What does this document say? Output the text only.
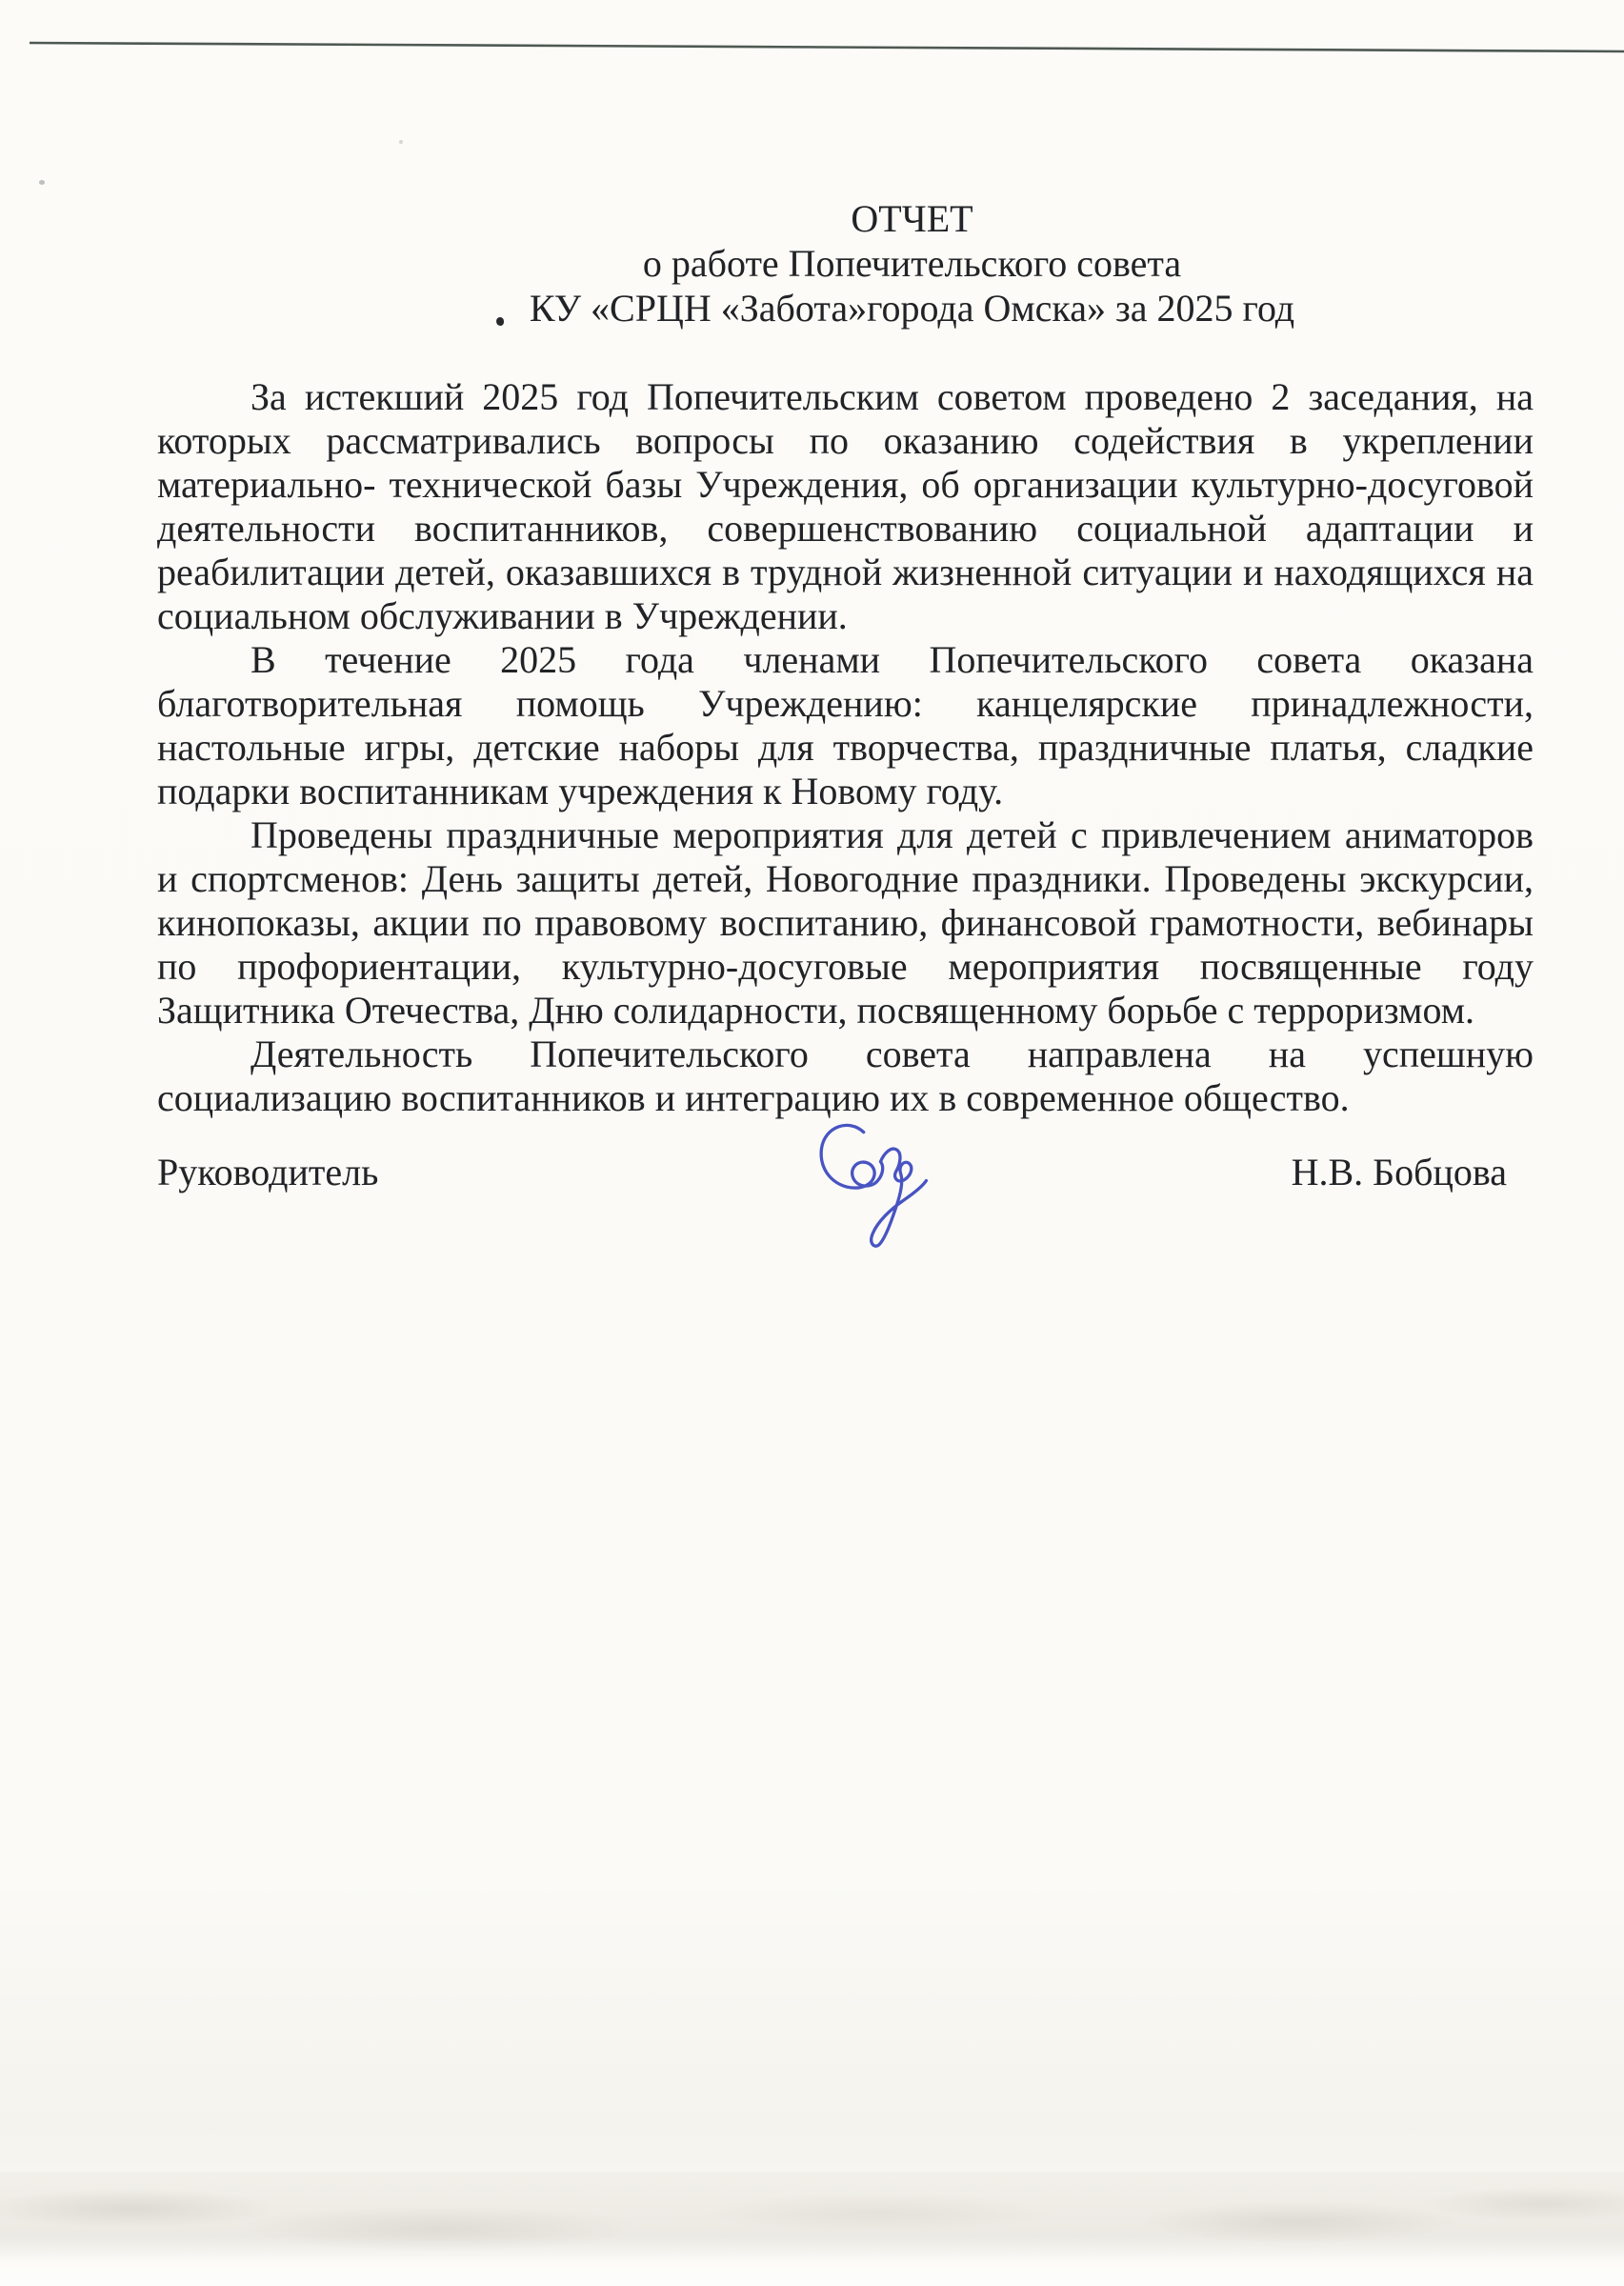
ОТЧЕТ
о работе Попечительского совета
КУ «СРЦН «Забота»города Омска» за 2025 год

За истекший 2025 год Попечительским советом проведено 2 заседания, на которых рассматривались вопросы по оказанию содействия в укреплении материально- технической базы Учреждения, об организации культурно-досуговой деятельности воспитанников, совершенствованию социальной адаптации и реабилитации детей, оказавшихся в трудной жизненной ситуации и находящихся на социальном обслуживании в Учреждении.

В течение 2025 года членами Попечительского совета оказана благотворительная помощь Учреждению: канцелярские принадлежности, настольные игры, детские наборы для творчества, праздничные платья, сладкие подарки воспитанникам учреждения к Новому году.

Проведены праздничные мероприятия для детей с привлечением аниматоров и спортсменов: День защиты детей, Новогодние праздники. Проведены экскурсии, кинопоказы, акции по правовому воспитанию, финансовой грамотности, вебинары по профориентации, культурно-досуговые мероприятия посвященные году Защитника Отечества, Дню солидарности, посвященному борьбе с терроризмом.

Деятельность Попечительского совета направлена на успешную социализацию воспитанников и интеграцию их в современное общество.

Руководитель	Н.В. Бобцова
